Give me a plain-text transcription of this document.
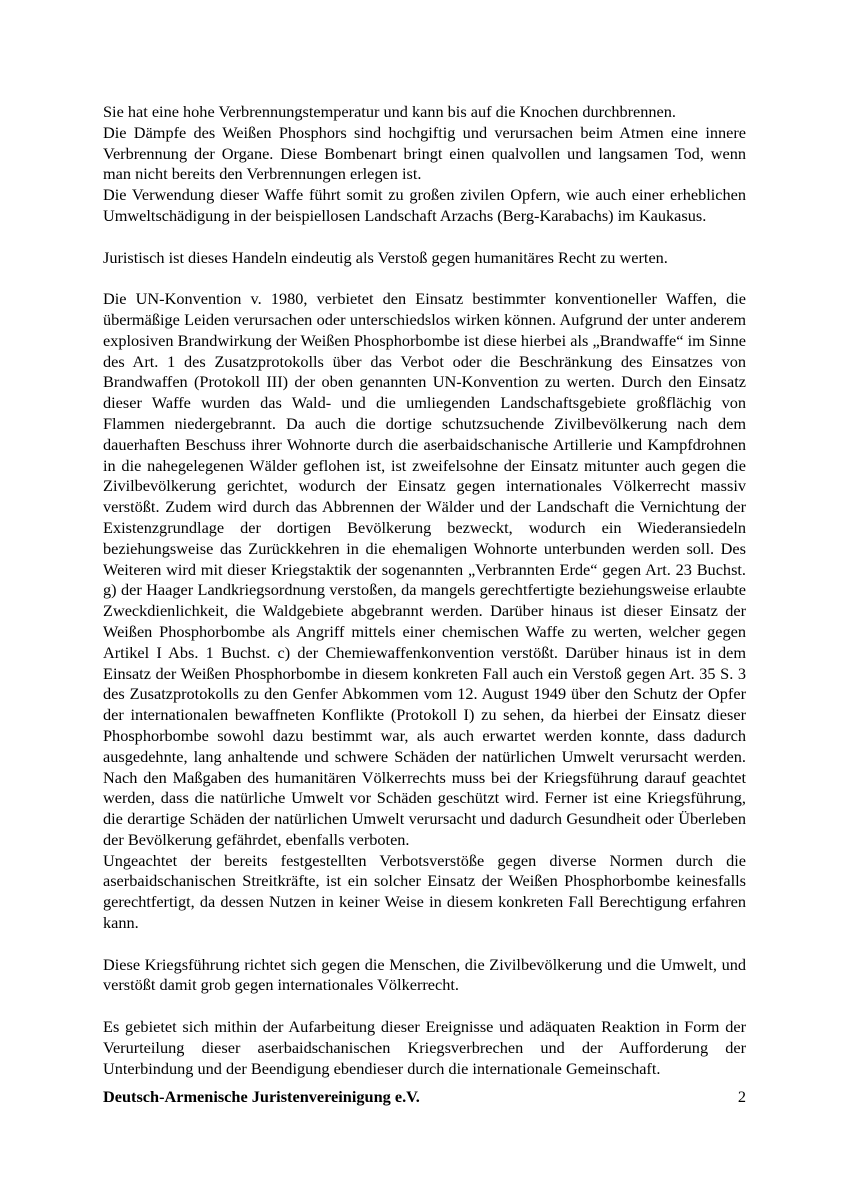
Sie hat eine hohe Verbrennungstemperatur und kann bis auf die Knochen durchbrennen.

Die Dämpfe des Weißen Phosphors sind hochgiftig und verursachen beim Atmen eine innere Verbrennung der Organe. Diese Bombenart bringt einen qualvollen und langsamen Tod, wenn man nicht bereits den Verbrennungen erlegen ist.

Die Verwendung dieser Waffe führt somit zu großen zivilen Opfern, wie auch einer erheblichen Umweltschädigung in der beispiellosen Landschaft Arzachs (Berg-Karabachs) im Kaukasus.

Juristisch ist dieses Handeln eindeutig als Verstoß gegen humanitäres Recht zu werten.

Die UN-Konvention v. 1980, verbietet den Einsatz bestimmter konventioneller Waffen, die übermäßige Leiden verursachen oder unterschiedslos wirken können. Aufgrund der unter anderem explosiven Brandwirkung der Weißen Phosphorbombe ist diese hierbei als „Brandwaffe“ im Sinne des Art. 1 des Zusatzprotokolls über das Verbot oder die Beschränkung des Einsatzes von Brandwaffen (Protokoll III) der oben genannten UN-Konvention zu werten. Durch den Einsatz dieser Waffe wurden das Wald- und die umliegenden Landschaftsgebiete großflächig von Flammen niedergebrannt. Da auch die dortige schutzsuchende Zivilbevölkerung nach dem dauerhaften Beschuss ihrer Wohnorte durch die aserbaidschanische Artillerie und Kampfdrohnen in die nahegelegenen Wälder geflohen ist, ist zweifelsohne der Einsatz mitunter auch gegen die Zivilbevölkerung gerichtet, wodurch der Einsatz gegen internationales Völkerrecht massiv verstößt. Zudem wird durch das Abbrennen der Wälder und der Landschaft die Vernichtung der Existenzgrundlage der dortigen Bevölkerung bezweckt, wodurch ein Wiederansiedeln beziehungsweise das Zurückkehren in die ehemaligen Wohnorte unterbunden werden soll. Des Weiteren wird mit dieser Kriegstaktik der sogenannten „Verbrannten Erde“ gegen Art. 23 Buchst. g) der Haager Landkriegsordnung verstoßen, da mangels gerechtfertigte beziehungsweise erlaubte Zweckdienlichkeit, die Waldgebiete abgebrannt werden. Darüber hinaus ist dieser Einsatz der Weißen Phosphorbombe als Angriff mittels einer chemischen Waffe zu werten, welcher gegen Artikel I Abs. 1 Buchst. c) der Chemiewaffenkonvention verstößt. Darüber hinaus ist in dem Einsatz der Weißen Phosphorbombe in diesem konkreten Fall auch ein Verstoß gegen Art. 35 S. 3 des Zusatzprotokolls zu den Genfer Abkommen vom 12. August 1949 über den Schutz der Opfer der internationalen bewaffneten Konflikte (Protokoll I) zu sehen, da hierbei der Einsatz dieser Phosphorbombe sowohl dazu bestimmt war, als auch erwartet werden konnte, dass dadurch ausgedehnte, lang anhaltende und schwere Schäden der natürlichen Umwelt verursacht werden. Nach den Maßgaben des humanitären Völkerrechts muss bei der Kriegsführung darauf geachtet werden, dass die natürliche Umwelt vor Schäden geschützt wird. Ferner ist eine Kriegsführung, die derartige Schäden der natürlichen Umwelt verursacht und dadurch Gesundheit oder Überleben der Bevölkerung gefährdet, ebenfalls verboten.

Ungeachtet der bereits festgestellten Verbotsverstöße gegen diverse Normen durch die aserbaidschanischen Streitkräfte, ist ein solcher Einsatz der Weißen Phosphorbombe keinesfalls gerechtfertigt, da dessen Nutzen in keiner Weise in diesem konkreten Fall Berechtigung erfahren kann.

Diese Kriegsführung richtet sich gegen die Menschen, die Zivilbevölkerung und die Umwelt, und verstößt damit grob gegen internationales Völkerrecht.

Es gebietet sich mithin der Aufarbeitung dieser Ereignisse und adäquaten Reaktion in Form der Verurteilung dieser aserbaidschanischen Kriegsverbrechen und der Aufforderung der Unterbindung und der Beendigung ebendieser durch die internationale Gemeinschaft.

Deutsch-Armenische Juristenvereinigung e.V.	2
